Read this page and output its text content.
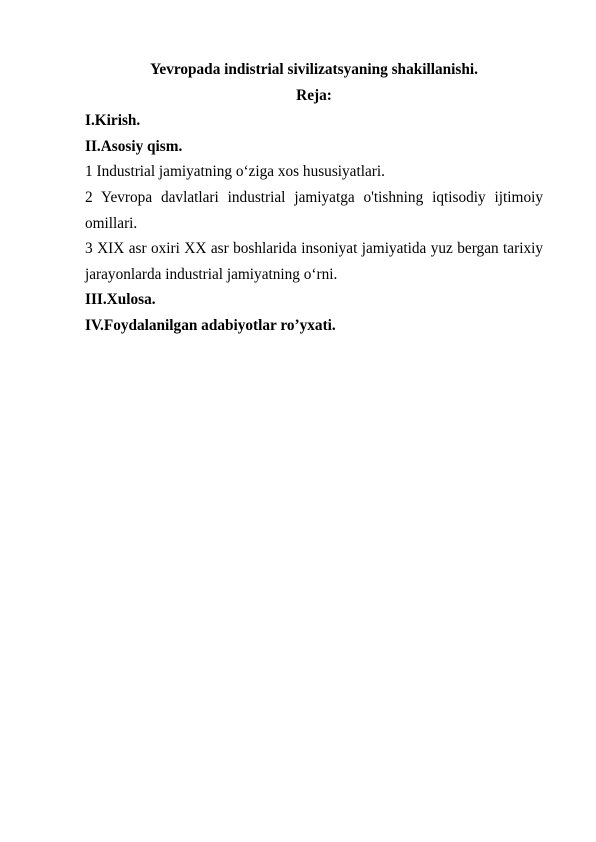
Yevropada indistrial sivilizatsyaning shakillanishi.

Reja:

I.Kirish.

II.Asosiy qism.

1 Industrial jamiyatning o‘ziga xos hususiyatlari.

2 Yevropa davlatlari industrial jamiyatga o'tishning iqtisodiy ijtimoiy omillari.

3 XIX asr oxiri XX asr boshlarida insoniyat jamiyatida yuz bergan tarixiy jarayonlarda industrial jamiyatning o‘rni.

III.Xulosa.

IV.Foydalanilgan adabiyotlar ro’yxati.
